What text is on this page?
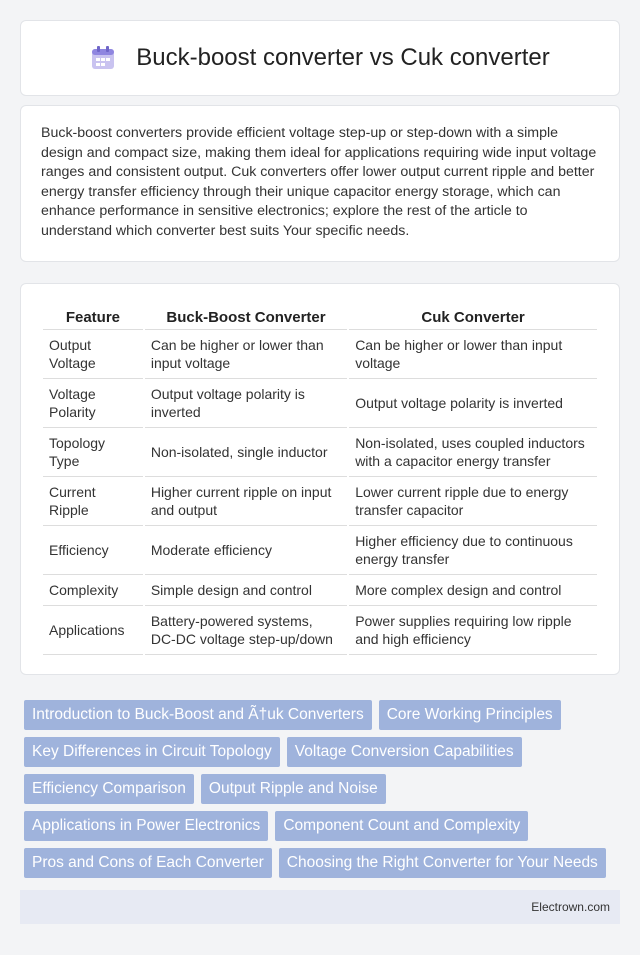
Buck-boost converter vs Cuk converter

Buck-boost converters provide efficient voltage step-up or step-down with a simple design and compact size, making them ideal for applications requiring wide input voltage ranges and consistent output. Cuk converters offer lower output current ripple and better energy transfer efficiency through their unique capacitor energy storage, which can enhance performance in sensitive electronics; explore the rest of the article to understand which converter best suits Your specific needs.

Feature	Buck-Boost Converter	Cuk Converter
Output Voltage	Can be higher or lower than input voltage	Can be higher or lower than input voltage
Voltage Polarity	Output voltage polarity is inverted	Output voltage polarity is inverted
Topology Type	Non-isolated, single inductor	Non-isolated, uses coupled inductors with a capacitor energy transfer
Current Ripple	Higher current ripple on input and output	Lower current ripple due to energy transfer capacitor
Efficiency	Moderate efficiency	Higher efficiency due to continuous energy transfer
Complexity	Simple design and control	More complex design and control
Applications	Battery-powered systems, DC-DC voltage step-up/down	Power supplies requiring low ripple and high efficiency
Introduction to Buck-Boost and Ã†uk Converters	Core Working Principles
Key Differences in Circuit Topology	Voltage Conversion Capabilities
Efficiency Comparison	Output Ripple and Noise
Applications in Power Electronics	Component Count and Complexity
Pros and Cons of Each Converter	Choosing the Right Converter for Your Needs
Electrown.com
